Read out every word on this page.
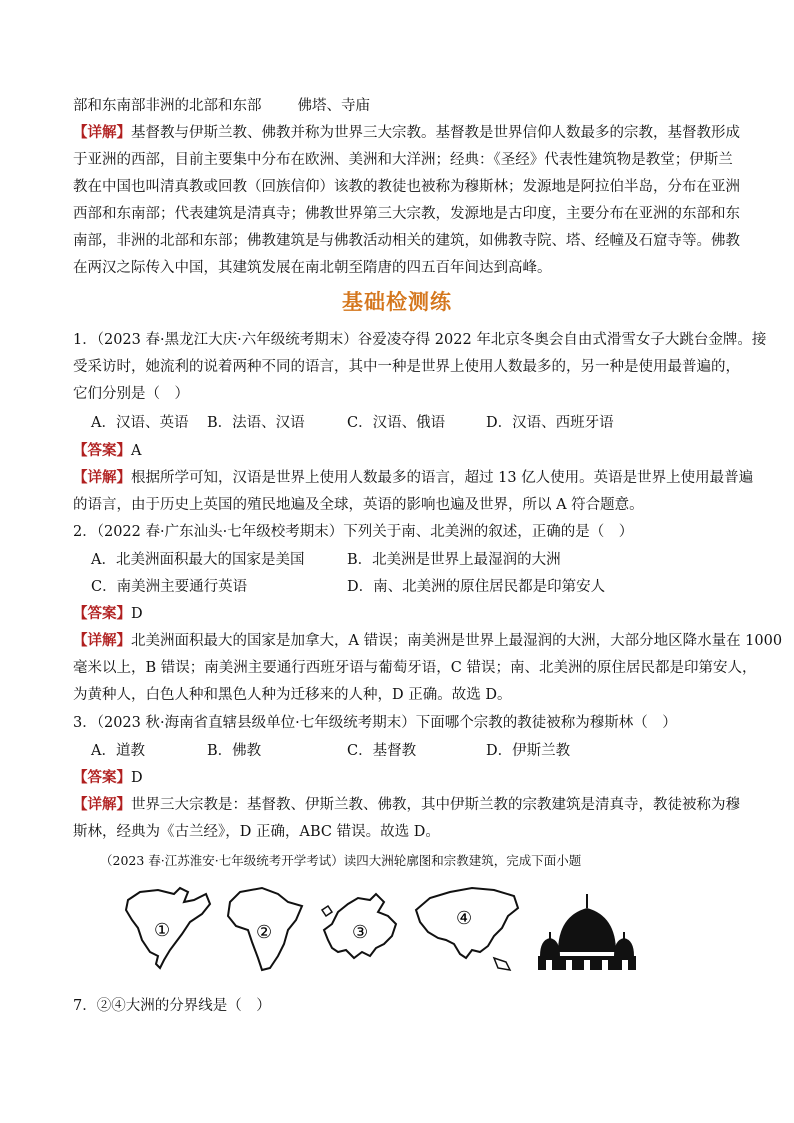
部和东南部非洲的北部和东部 佛塔、寺庙
【详解】基督教与伊斯兰教、佛教并称为世界三大宗教。基督教是世界信仰人数最多的宗教，基督教形成
于亚洲的西部，目前主要集中分布在欧洲、美洲和大洋洲；经典：《圣经》代表性建筑物是教堂；伊斯兰
教在中国也叫清真教或回教（回族信仰）该教的教徒也被称为穆斯林；发源地是阿拉伯半岛，分布在亚洲
西部和东南部；代表建筑是清真寺；佛教世界第三大宗教，发源地是古印度，主要分布在亚洲的东部和东
南部，非洲的北部和东部；佛教建筑是与佛教活动相关的建筑，如佛教寺院、塔、经幢及石窟寺等。佛教
在两汉之际传入中国，其建筑发展在南北朝至隋唐的四五百年间达到高峰。
基础检测练
1．（2023 春·黑龙江大庆·六年级统考期末）谷爱凌夺得 2022 年北京冬奥会自由式滑雪女子大跳台金牌。接
受采访时，她流利的说着两种不同的语言，其中一种是世界上使用人数最多的，另一种是使用最普遍的，
它们分别是（　）
A．汉语、英语 B．法语、汉语	C．汉语、俄语	D．汉语、西班牙语
【答案】A
【详解】根据所学可知，汉语是世界上使用人数最多的语言，超过 13 亿人使用。英语是世界上使用最普遍
的语言，由于历史上英国的殖民地遍及全球，英语的影响也遍及世界，所以 A 符合题意。
2．（2022 春·广东汕头·七年级校考期末）下列关于南、北美洲的叙述，正确的是（　）
A．北美洲面积最大的国家是美国	B．北美洲是世界上最湿润的大洲
C．南美洲主要通行英语	D．南、北美洲的原住居民都是印第安人
【答案】D
【详解】北美洲面积最大的国家是加拿大，A 错误；南美洲是世界上最湿润的大洲，大部分地区降水量在 1000
毫米以上，B 错误；南美洲主要通行西班牙语与葡萄牙语，C 错误；南、北美洲的原住居民都是印第安人，
为黄种人，白色人种和黑色人种为迁移来的人种，D 正确。故选 D。
3．（2023 秋·海南省直辖县级单位·七年级统考期末）下面哪个宗教的教徒被称为穆斯林（　）
A．道教	B．佛教	C．基督教	D．伊斯兰教
【答案】D
【详解】世界三大宗教是：基督教、伊斯兰教、佛教，其中伊斯兰教的宗教建筑是清真寺，教徒被称为穆
斯林，经典为《古兰经》，D 正确，ABC 错误。故选 D。
（2023 春·江苏淮安·七年级统考开学考试）读四大洲轮廓图和宗教建筑，完成下面小题
①	②	③
④
7．②④大洲的分界线是（　）
